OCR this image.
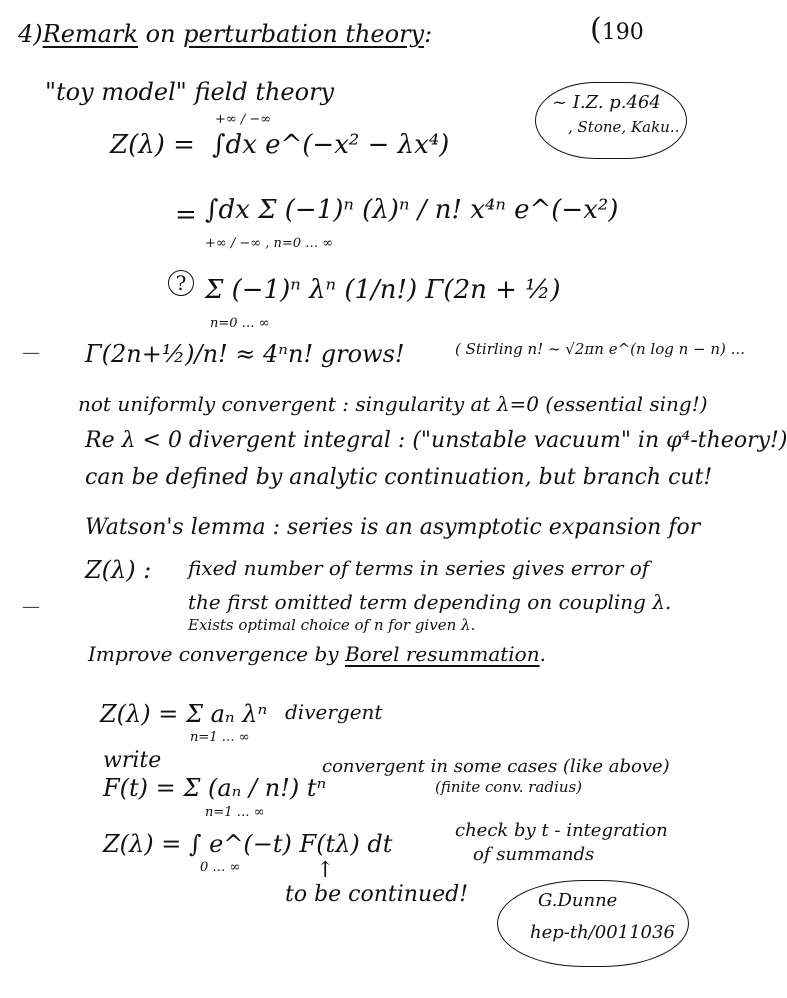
(190
4)Remark on perturbation theory:
~ I.Z. p.464
, Stone, Kaku..
"toy model" field theory
Z(λ) =
+∞ / −∞
∫dx e^(−x² − λx⁴)
= ∫dx Σ (−1)ⁿ (λ)ⁿ / n! x⁴ⁿ e^(−x²)
+∞ / −∞ , n=0 … ∞
? Σ (−1)ⁿ λⁿ (1/n!) Γ(2n + ½)
n=0 … ∞
—
—
Γ(2n+½)/n! ≈ 4ⁿn! grows!	( Stirling n! ~ √2πn e^(n log n − n) ...
not uniformly convergent : singularity at λ=0 (essential sing!)
Re λ < 0 divergent integral : ("unstable vacuum" in φ⁴-theory!)
can be defined by analytic continuation, but branch cut!
Watson's lemma : series is an asymptotic expansion for
Z(λ) : fixed number of terms in series gives error of
the first omitted term depending on coupling λ.
Exists optimal choice of n for given λ.
Improve convergence by Borel resummation.
Z(λ) = Σ aₙ λⁿ
n=1 … ∞
divergent
write
F(t) = Σ (aₙ / n!) tⁿ
n=1 … ∞
convergent in some cases (like above)
(finite conv. radius)
Z(λ) = ∫ e^(−t) F(tλ) dt
0 … ∞
check by t - integration
of summands
↑
to be continued!	G.Dunne
hep-th/0011036
